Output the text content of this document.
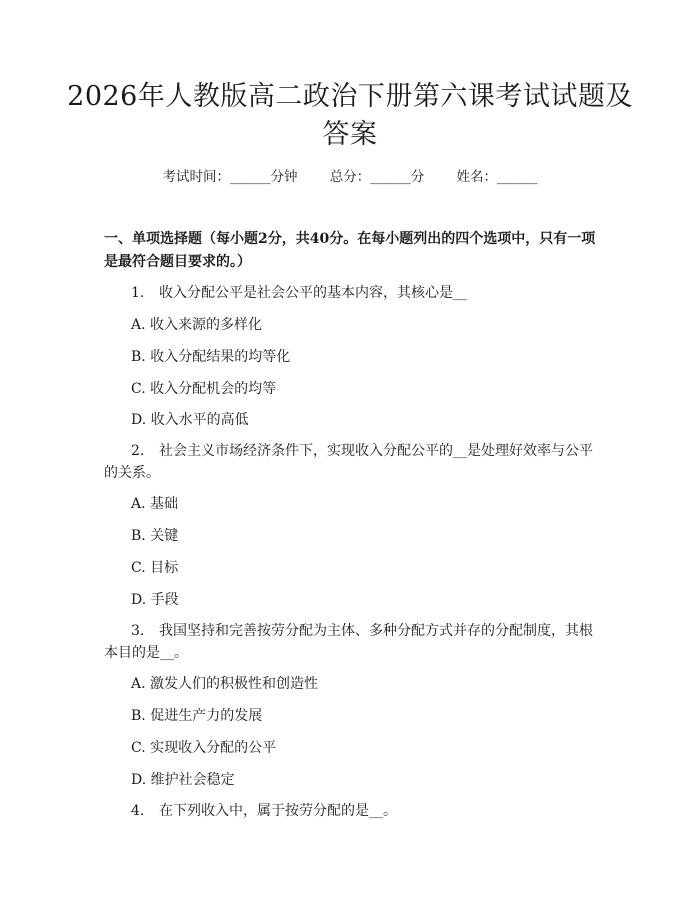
2026年人教版高二政治下册第六课考试试题及答案
考试时间：______分钟 总分：______分 姓名：______
一、单项选择题（每小题2分，共40分。在每小题列出的四个选项中，只有一项是最符合题目要求的。）
1. 收入分配公平是社会公平的基本内容，其核心是__
A. 收入来源的多样化
B. 收入分配结果的均等化
C. 收入分配机会的均等
D. 收入水平的高低
2. 社会主义市场经济条件下，实现收入分配公平的__是处理好效率与公平的关系。
A. 基础
B. 关键
C. 目标
D. 手段
3. 我国坚持和完善按劳分配为主体、多种分配方式并存的分配制度，其根本目的是__。
A. 激发人们的积极性和创造性
B. 促进生产力的发展
C. 实现收入分配的公平
D. 维护社会稳定
4. 在下列收入中，属于按劳分配的是__。
